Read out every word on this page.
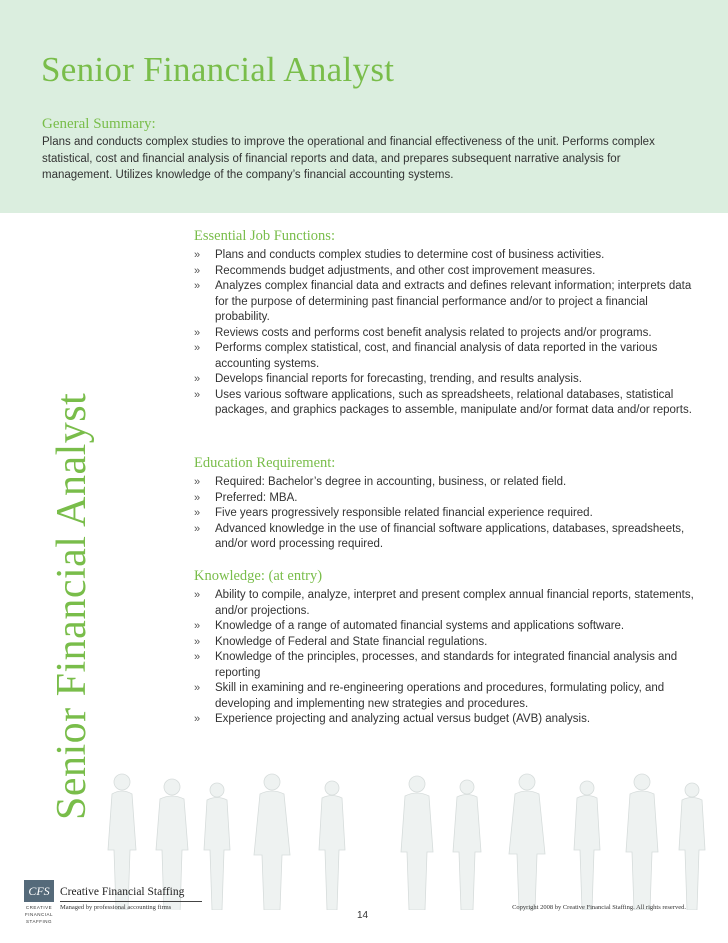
Senior Financial Analyst
General Summary:

Plans and conducts complex studies to improve the operational and financial effectiveness of the unit. Performs complex statistical, cost and financial analysis of financial reports and data, and prepares subsequent narrative analysis for management. Utilizes knowledge of the company’s financial accounting systems.

Senior Financial Analyst
Essential Job Functions:
» Plans and conducts complex studies to determine cost of business activities.
» Recommends budget adjustments, and other cost improvement measures.
» Analyzes complex financial data and extracts and defines relevant information; interprets data for the purpose of determining past financial performance and/or to project a financial probability.
» Reviews costs and performs cost benefit analysis related to projects and/or programs.
» Performs complex statistical, cost, and financial analysis of data reported in the various accounting systems.
» Develops financial reports for forecasting, trending, and results analysis.
» Uses various software applications, such as spreadsheets, relational databases, statistical packages, and graphics packages to assemble, manipulate and/or format data and/or reports.
Education Requirement:
» Required: Bachelor’s degree in accounting, business, or related field.
» Preferred: MBA.
» Five years progressively responsible related financial experience required.
» Advanced knowledge in the use of financial software applications, databases, spreadsheets, and/or word processing required.
Knowledge: (at entry)
» Ability to compile, analyze, interpret and present complex annual financial reports, statements, and/or projections.
» Knowledge of a range of automated financial systems and applications software.
» Knowledge of Federal and State financial regulations.
» Knowledge of the principles, processes, and standards for integrated financial analysis and reporting
» Skill in examining and re-engineering operations and procedures, formulating policy, and developing and implementing new strategies and procedures.
» Experience projecting and analyzing actual versus budget (AVB) analysis.
CFS
CREATIVE
FINANCIAL
STAFFING
Creative Financial Staffing
Managed by professional accounting firms	Copyright 2008 by Creative Financial Staffing. All rights reserved.
14
